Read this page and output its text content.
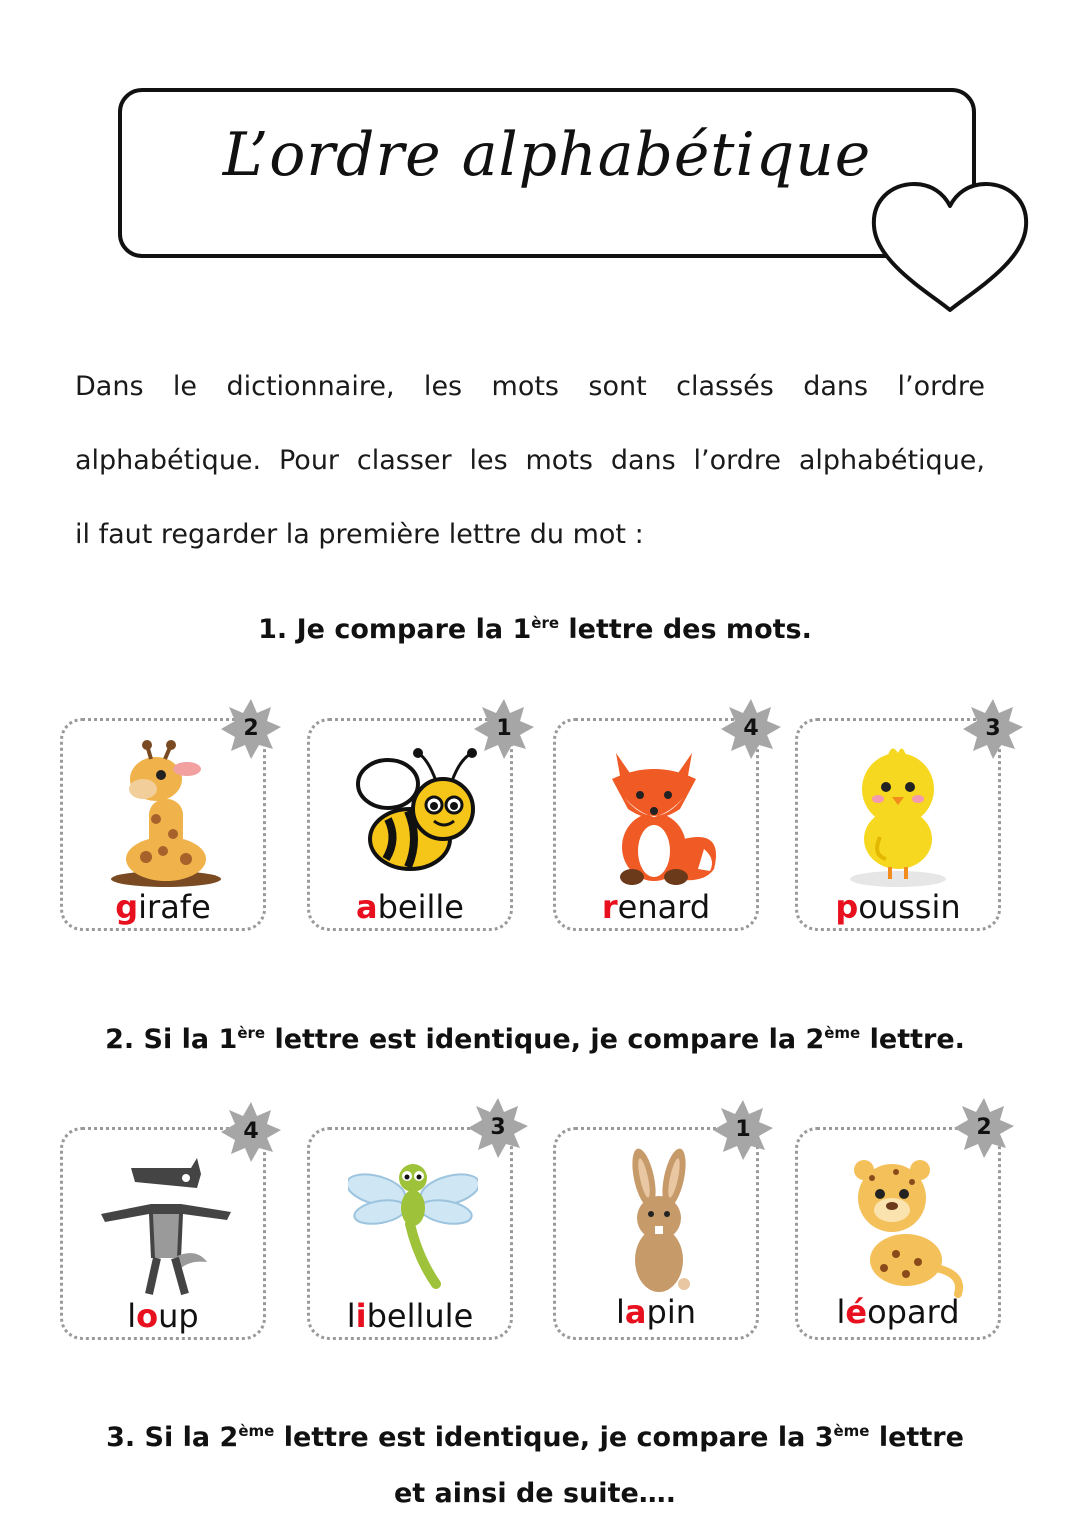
L’ordre alphabétique
Dans le dictionnaire, les mots sont classés dans l’ordre
alphabétique. Pour classer les mots dans l’ordre alphabétique,
il faut regarder la première lettre du mot :
1. Je compare la 1ère lettre des mots.
girafe
2
abeille
1
renard
4
poussin
3
2. Si la 1ère lettre est identique, je compare la 2ème lettre.
loup
4
libellule
3
lapin
1
léopard
2
3. Si la 2ème lettre est identique, je compare la 3ème lettre
et ainsi de suite….
